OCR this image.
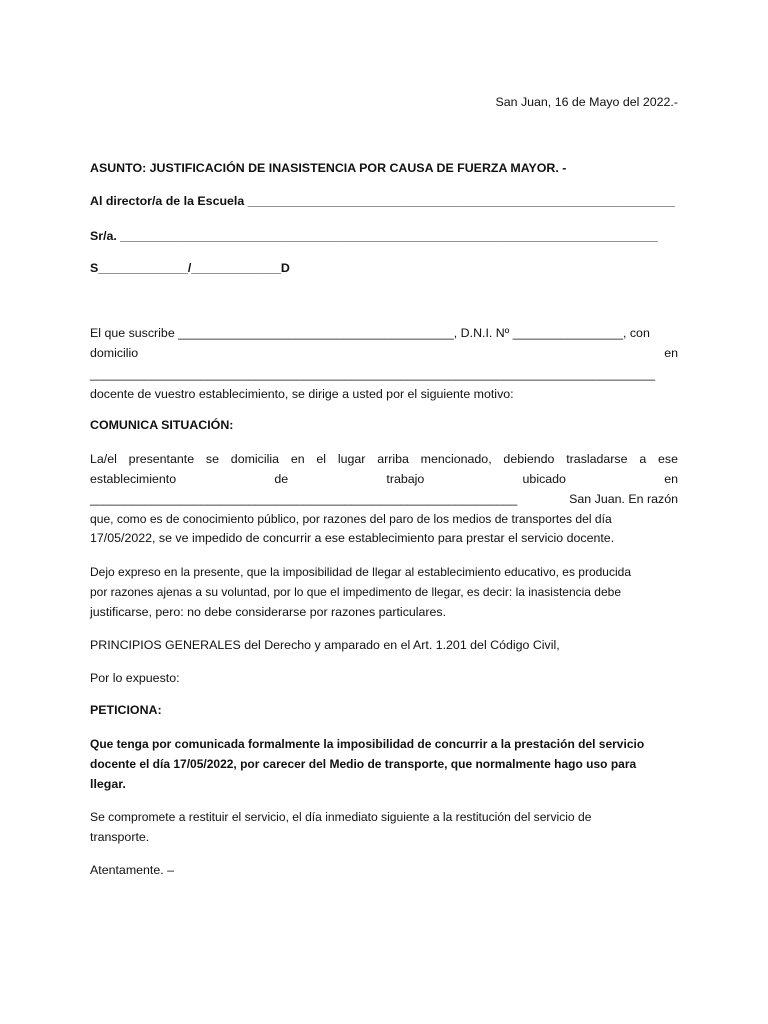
San Juan, 16 de Mayo del 2022.-
ASUNTO: JUSTIFICACIÓN DE INASISTENCIA POR CAUSA DE FUERZA MAYOR. -
Al director/a de la Escuela ______________________________________________________________
Sr/a. ______________________________________________________________________________
S_____________/_____________D
El que suscribe ________________________________________, D.N.I. Nº ________________, con
domicilio	en
__________________________________________________________________________________
docente de vuestro establecimiento, se dirige a usted por el siguiente motivo:
COMUNICA SITUACIÓN:
La/el presentante se domicilia en el lugar arriba mencionado, debiendo trasladarse a ese
establecimiento	de	trabajo	ubicado	en
______________________________________________________________	San Juan. En razón
que, como es de conocimiento público, por razones del paro de los medios de transportes del día
17/05/2022, se ve impedido de concurrir a ese establecimiento para prestar el servicio docente.
Dejo expreso en la presente, que la imposibilidad de llegar al establecimiento educativo, es producida
por razones ajenas a su voluntad, por lo que el impedimento de llegar, es decir: la inasistencia debe
justificarse, pero: no debe considerarse por razones particulares.
PRINCIPIOS GENERALES del Derecho y amparado en el Art. 1.201 del Código Civil,
Por lo expuesto:
PETICIONA:
Que tenga por comunicada formalmente la imposibilidad de concurrir a la prestación del servicio
docente el día 17/05/2022, por carecer del Medio de transporte, que normalmente hago uso para
llegar.
Se compromete a restituir el servicio, el día inmediato siguiente a la restitución del servicio de
transporte.
Atentamente. –
